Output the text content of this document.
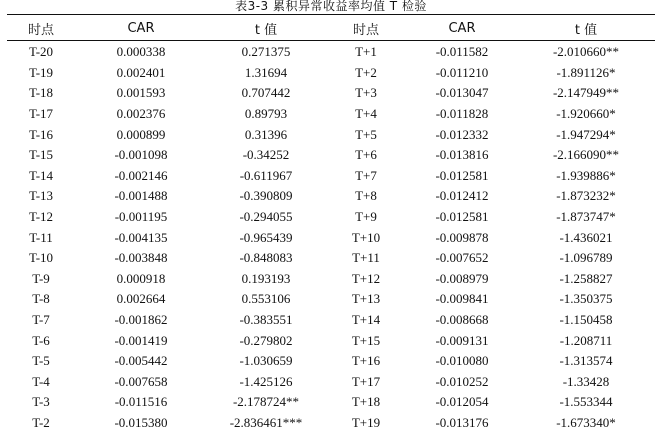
表3-3 累积异常收益率均值 T 检验
时点	CAR	t 值	时点	CAR	t 值

T-20	0.000338	0.271375	T+1	-0.011582	-2.010660**
T-19	0.002401	1.31694	T+2	-0.011210	-1.891126*
T-18	0.001593	0.707442	T+3	-0.013047	-2.147949**
T-17	0.002376	0.89793	T+4	-0.011828	-1.920660*
T-16	0.000899	0.31396	T+5	-0.012332	-1.947294*
T-15	-0.001098	-0.34252	T+6	-0.013816	-2.166090**
T-14	-0.002146	-0.611967	T+7	-0.012581	-1.939886*
T-13	-0.001488	-0.390809	T+8	-0.012412	-1.873232*
T-12	-0.001195	-0.294055	T+9	-0.012581	-1.873747*
T-11	-0.004135	-0.965439	T+10	-0.009878	-1.436021
T-10	-0.003848	-0.848083	T+11	-0.007652	-1.096789
T-9	0.000918	0.193193	T+12	-0.008979	-1.258827
T-8	0.002664	0.553106	T+13	-0.009841	-1.350375
T-7	-0.001862	-0.383551	T+14	-0.008668	-1.150458
T-6	-0.001419	-0.279802	T+15	-0.009131	-1.208711
T-5	-0.005442	-1.030659	T+16	-0.010080	-1.313574
T-4	-0.007658	-1.425126	T+17	-0.010252	-1.33428
T-3	-0.011516	-2.178724**	T+18	-0.012054	-1.553344
T-2	-0.015380	-2.836461***	T+19	-0.013176	-1.673340*
